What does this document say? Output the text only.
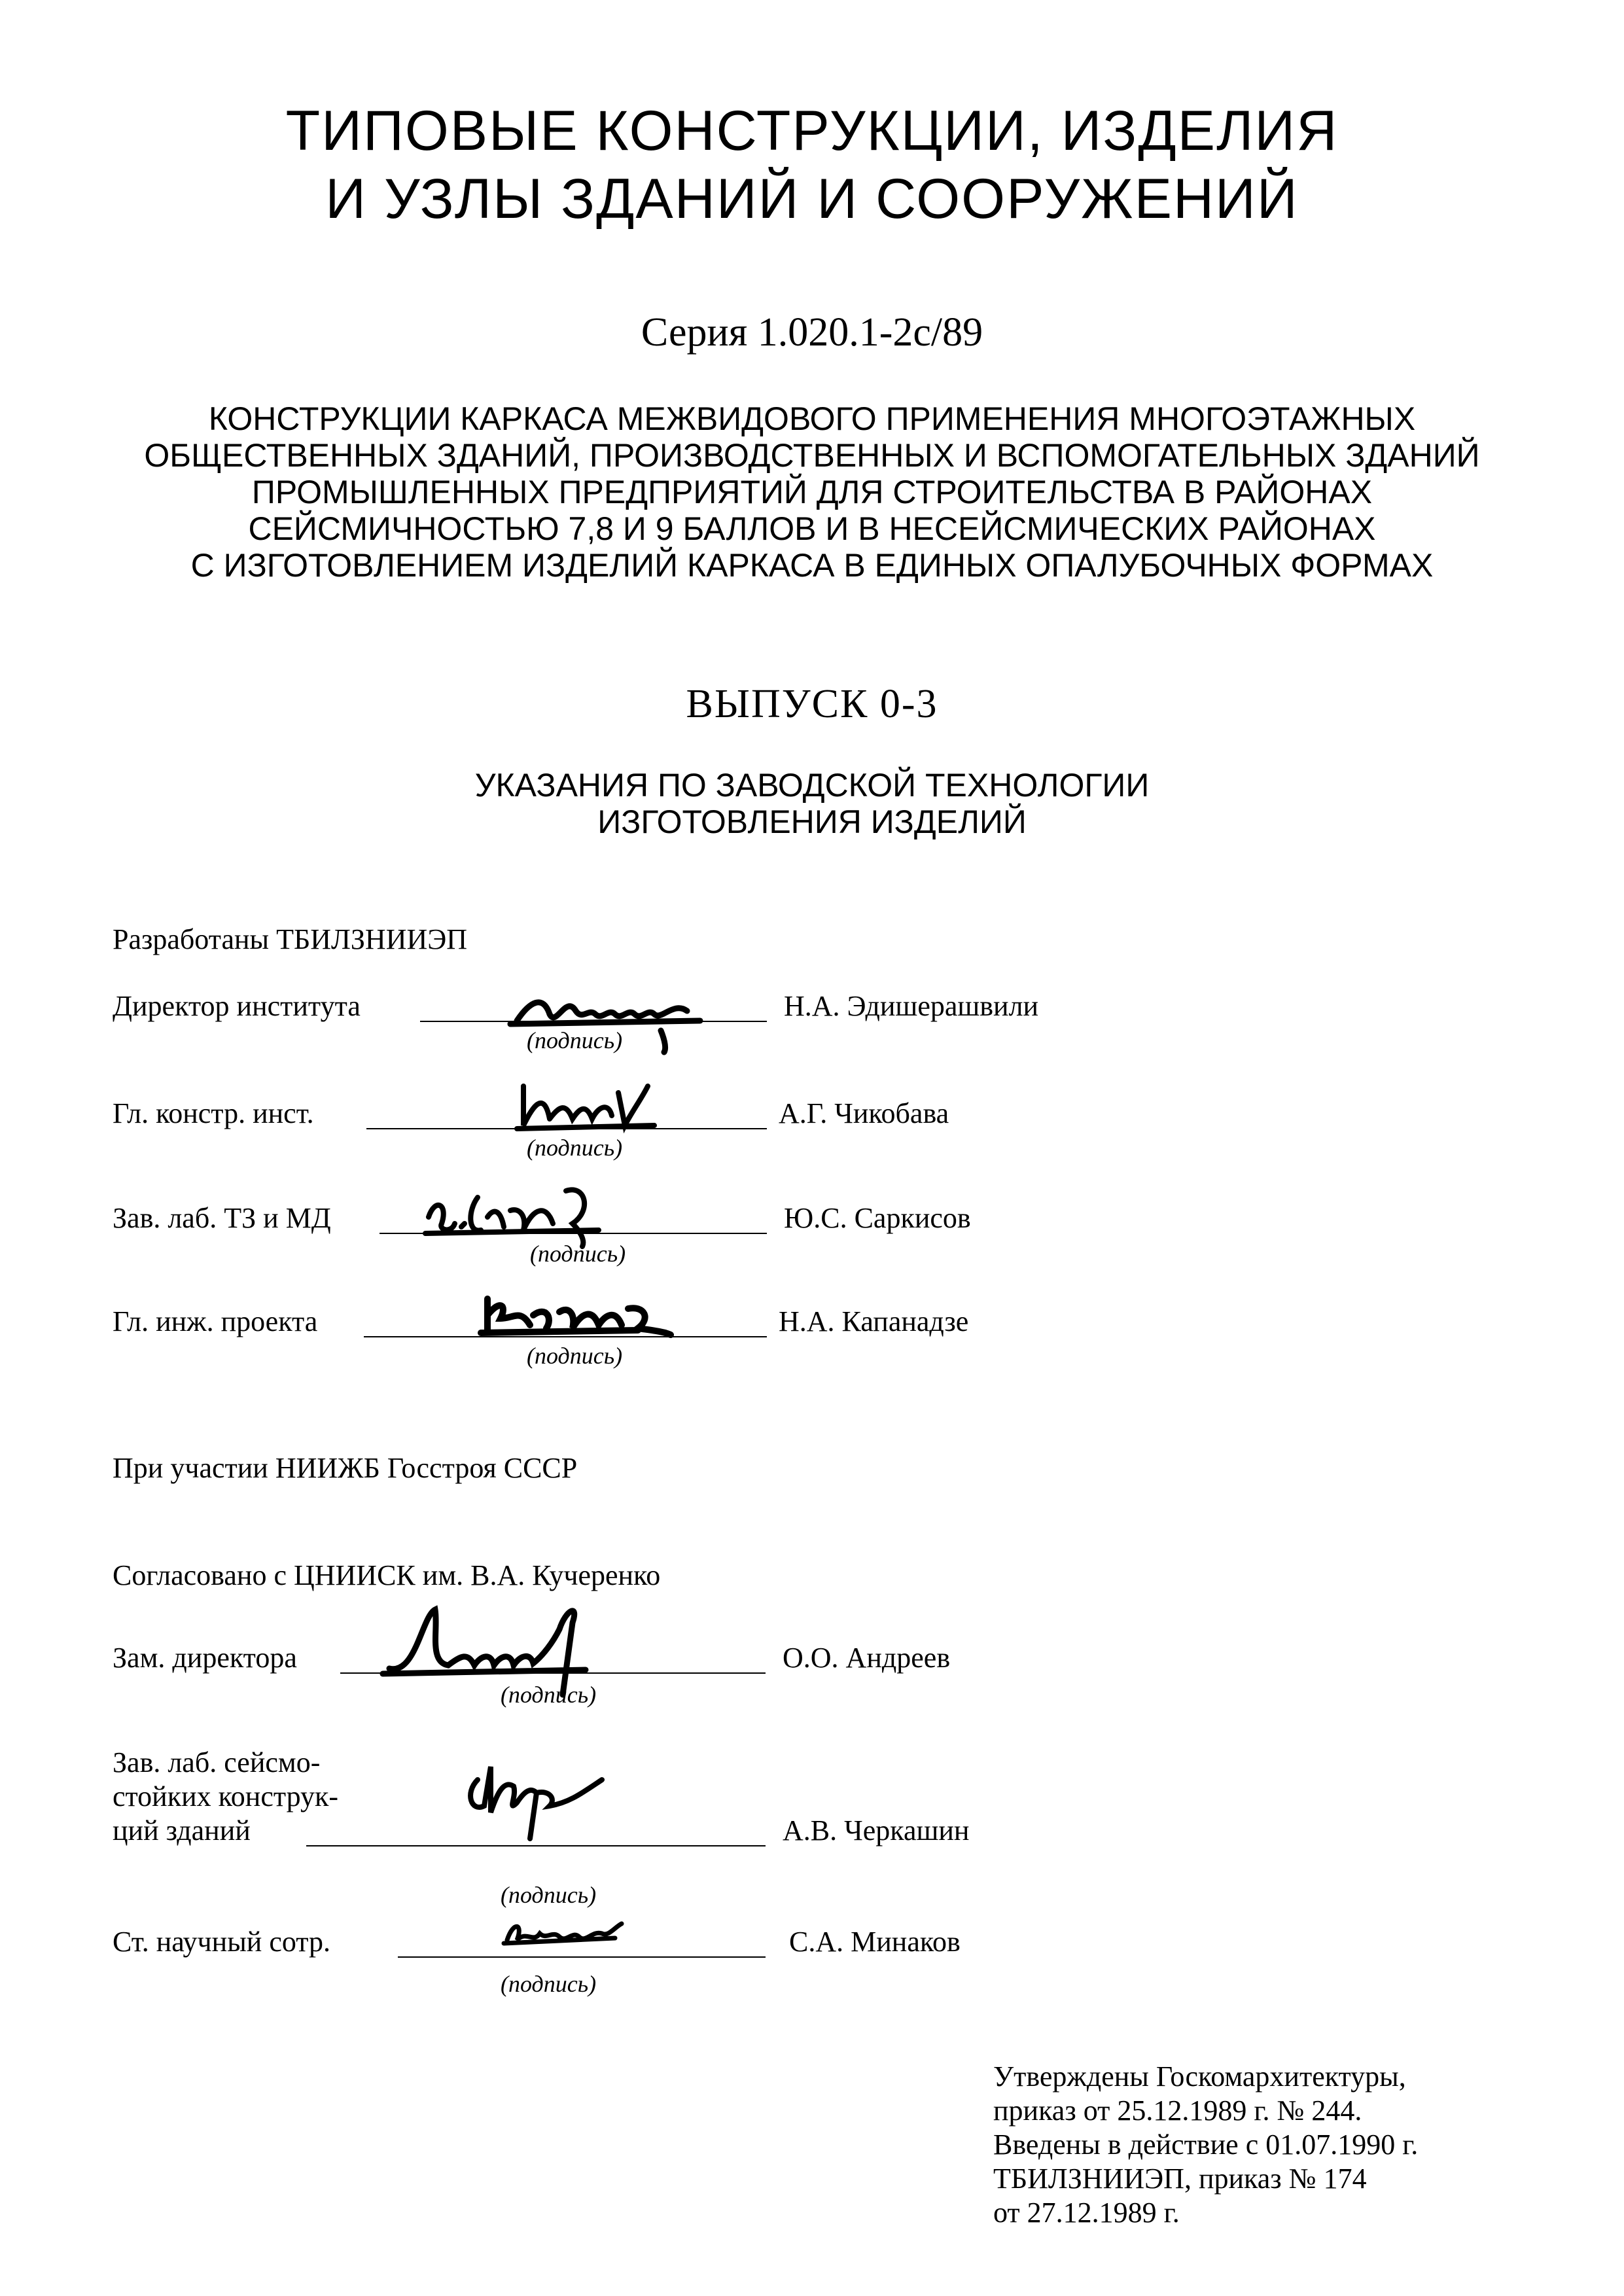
ТИПОВЫЕ КОНСТРУКЦИИ, ИЗДЕЛИЯ
И УЗЛЫ ЗДАНИЙ И СООРУЖЕНИЙ
Серия 1.020.1-2с/89
КОНСТРУКЦИИ КАРКАСА МЕЖВИДОВОГО ПРИМЕНЕНИЯ МНОГОЭТАЖНЫХ
ОБЩЕСТВЕННЫХ ЗДАНИЙ, ПРОИЗВОДСТВЕННЫХ И ВСПОМОГАТЕЛЬНЫХ ЗДАНИЙ
ПРОМЫШЛЕННЫХ ПРЕДПРИЯТИЙ ДЛЯ СТРОИТЕЛЬСТВА В РАЙОНАХ
СЕЙСМИЧНОСТЬЮ 7,8 И 9 БАЛЛОВ И В НЕСЕЙСМИЧЕСКИХ РАЙОНАХ
С ИЗГОТОВЛЕНИЕМ ИЗДЕЛИЙ КАРКАСА В ЕДИНЫХ ОПАЛУБОЧНЫХ ФОРМАХ
ВЫПУСК 0-3
УКАЗАНИЯ ПО ЗАВОДСКОЙ ТЕХНОЛОГИИ
ИЗГОТОВЛЕНИЯ ИЗДЕЛИЙ
Разработаны ТБИЛЗНИИЭП
Директор института
(подпись)
Н.А. Эдишерашвили
Гл. констр. инст.
(подпись)
А.Г. Чикобава
Зав. лаб. ТЗ и МД
(подпись)
Ю.С. Саркисов
Гл. инж. проекта
(подпись)
Н.А. Капанадзе
При участии НИИЖБ Госстроя СССР
Согласовано с ЦНИИСК им. В.А. Кучеренко
Зам. директора
(подпись)
О.О. Андреев
Зав. лаб. сейсмо-
стойких конструк-
ций зданий
(подпись)
А.В. Черкашин
Ст. научный сотр.
(подпись)
С.А. Минаков
Утверждены Госкомархитектуры,
приказ от 25.12.1989 г. № 244.
Введены в действие с 01.07.1990 г.
ТБИЛЗНИИЭП, приказ № 174
от 27.12.1989 г.
